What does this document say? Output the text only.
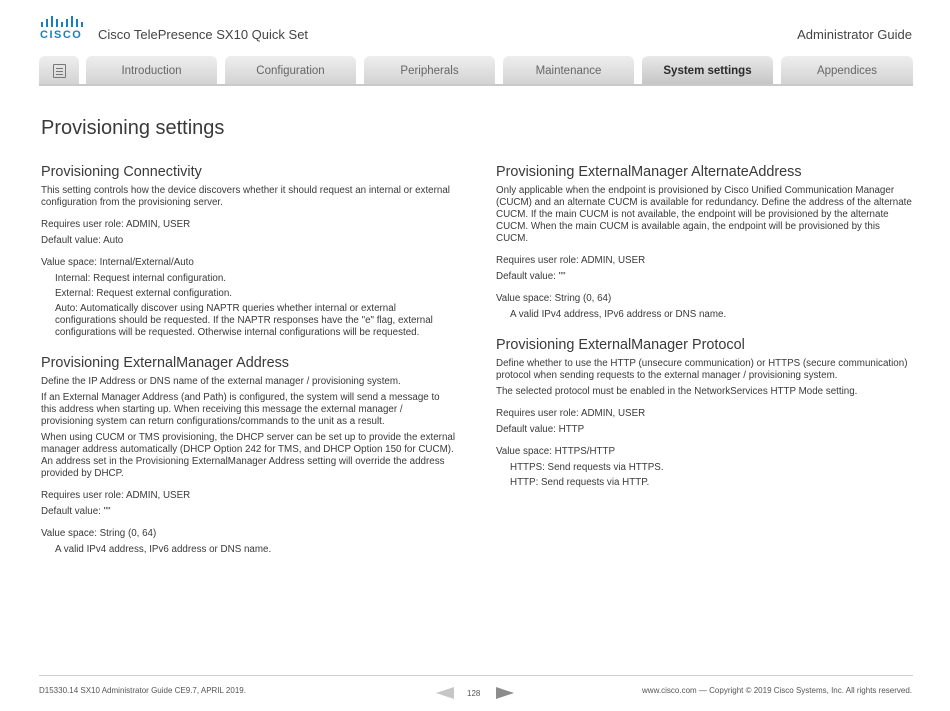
CISCO Cisco TelePresence SX10 Quick Set	Administrator Guide
Introduction	Configuration	Peripherals	Maintenance	System settings	Appendices
Provisioning settings
Provisioning Connectivity
This setting controls how the device discovers whether it should request an internal or external configuration from the provisioning server.
Requires user role: ADMIN, USER
Default value: Auto
Value space: Internal/External/Auto
Internal: Request internal configuration.
External: Request external configuration.
Auto: Automatically discover using NAPTR queries whether internal or external configurations should be requested. If the NAPTR responses have the "e" flag, external configurations will be requested. Otherwise internal configurations will be requested.
Provisioning ExternalManager Address
Define the IP Address or DNS name of the external manager / provisioning system.
If an External Manager Address (and Path) is configured, the system will send a message to this address when starting up. When receiving this message the external manager / provisioning system can return configurations/commands to the unit as a result.
When using CUCM or TMS provisioning, the DHCP server can be set up to provide the external manager address automatically (DHCP Option 242 for TMS, and DHCP Option 150 for CUCM). An address set in the Provisioning ExternalManager Address setting will override the address provided by DHCP.
Requires user role: ADMIN, USER
Default value: ""
Value space: String (0, 64)
A valid IPv4 address, IPv6 address or DNS name.
Provisioning ExternalManager AlternateAddress
Only applicable when the endpoint is provisioned by Cisco Unified Communication Manager (CUCM) and an alternate CUCM is available for redundancy. Define the address of the alternate CUCM. If the main CUCM is not available, the endpoint will be provisioned by the alternate CUCM. When the main CUCM is available again, the endpoint will be provisioned by this CUCM.
Requires user role: ADMIN, USER
Default value: ""
Value space: String (0, 64)
A valid IPv4 address, IPv6 address or DNS name.
Provisioning ExternalManager Protocol
Define whether to use the HTTP (unsecure communication) or HTTPS (secure communication) protocol when sending requests to the external manager / provisioning system.
The selected protocol must be enabled in the NetworkServices HTTP Mode setting.
Requires user role: ADMIN, USER
Default value: HTTP
Value space: HTTPS/HTTP
HTTPS: Send requests via HTTPS.
HTTP: Send requests via HTTP.
D15330.14 SX10 Administrator Guide CE9.7, APRIL 2019.	128	www.cisco.com — Copyright © 2019 Cisco Systems, Inc. All rights reserved.
